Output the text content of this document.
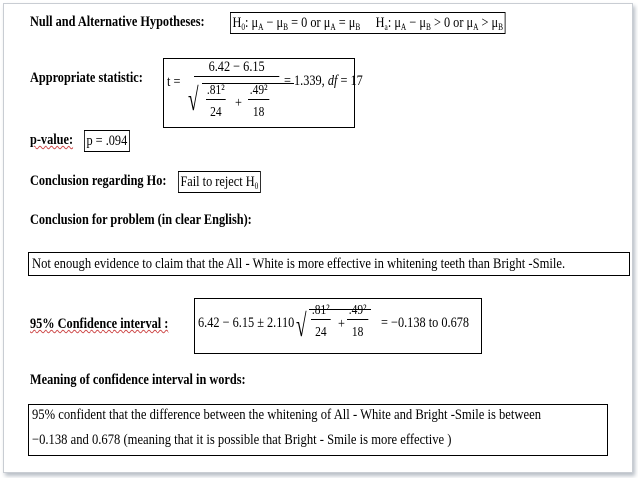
Null and Alternative Hypotheses: $H_0$: $\mu_A - \mu_B = 0$ or $\mu_A = \mu_B$ $H_a$: $\mu_A - \mu_B > 0$ or $\mu_A > \mu_B$
Appropriate statistic: t =
6.42 − 6.15
√ .81²
24
+
.49²
18
= 1.339, df = 17
p-value: p = .094
Conclusion regarding Ho: Fail to reject $H_0$
Conclusion for problem (in clear English):
Not enough evidence to claim that the All - White is more effective in whitening teeth than Bright -Smile.
95% Confidence interval : 6.42 − 6.15 ± 2.110 √ .81²
24
+
.49²
18
= −0.138 to 0.678
Meaning of confidence interval in words:
95% confident that the difference between the whitening of All - White and Bright -Smile is between
−0.138 and 0.678 (meaning that it is possible that Bright - Smile is more effective )
